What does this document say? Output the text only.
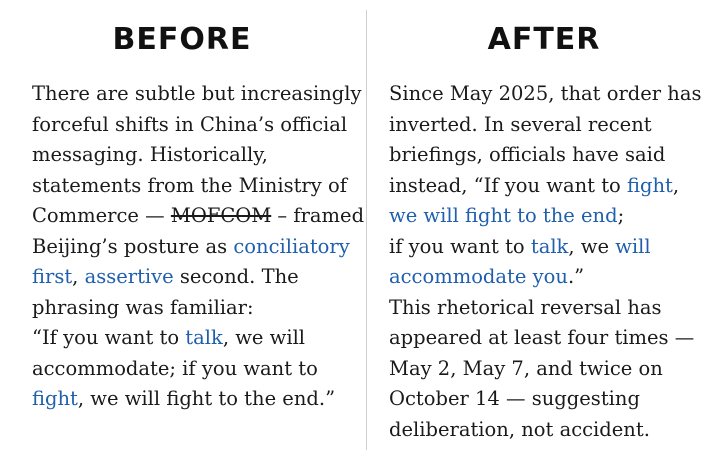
BEFORE
There are subtle but increasingly
forceful shifts in China’s official
messaging. Historically,
statements from the Ministry of
Commerce — MOFCOM – framed
Beijing’s posture as conciliatory
first, assertive second. The
phrasing was familiar:
“If you want to talk, we will
accommodate; if you want to
fight, we will fight to the end.”
AFTER
Since May 2025, that order has
inverted. In several recent
briefings, officials have said
instead, “If you want to fight,
we will fight to the end;
if you want to talk, we will
accommodate you.”
This rhetorical reversal has
appeared at least four times —
May 2, May 7, and twice on
October 14 — suggesting
deliberation, not accident.
